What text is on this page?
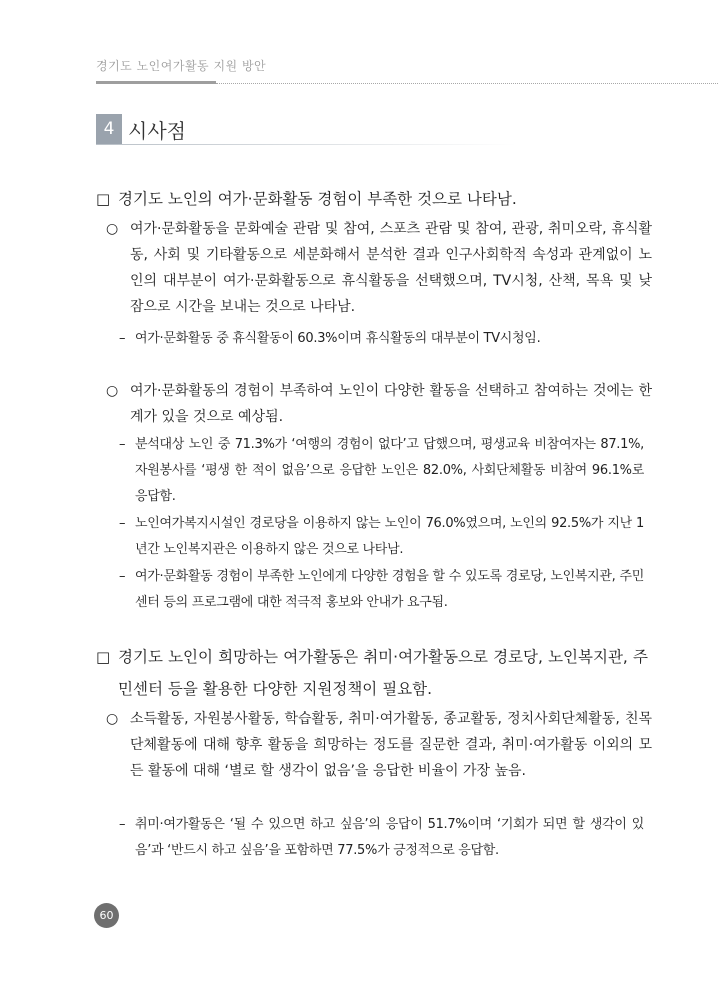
경기도 노인여가활동 지원 방안
4 시사점
□ 경기도 노인의 여가·문화활동 경험이 부족한 것으로 나타남.
○ 여가·문화활동을 문화예술 관람 및 참여, 스포츠 관람 및 참여, 관광, 취미오락, 휴식활동, 사회 및 기타활동으로 세분화해서 분석한 결과 인구사회학적 속성과 관계없이 노인의 대부분이 여가·문화활동으로 휴식활동을 선택했으며, TV시청, 산책, 목욕 및 낮잠으로 시간을 보내는 것으로 나타남.
– 여가·문화활동 중 휴식활동이 60.3%이며 휴식활동의 대부분이 TV시청임.
○ 여가·문화활동의 경험이 부족하여 노인이 다양한 활동을 선택하고 참여하는 것에는 한계가 있을 것으로 예상됨.
– 분석대상 노인 중 71.3%가 ‘여행의 경험이 없다’고 답했으며, 평생교육 비참여자는 87.1%, 자원봉사를 ‘평생 한 적이 없음’으로 응답한 노인은 82.0%, 사회단체활동 비참여 96.1%로 응답함.
– 노인여가복지시설인 경로당을 이용하지 않는 노인이 76.0%였으며, 노인의 92.5%가 지난 1년간 노인복지관은 이용하지 않은 것으로 나타남.
– 여가·문화활동 경험이 부족한 노인에게 다양한 경험을 할 수 있도록 경로당, 노인복지관, 주민센터 등의 프로그램에 대한 적극적 홍보와 안내가 요구됨.
□ 경기도 노인이 희망하는 여가활동은 취미·여가활동으로 경로당, 노인복지관, 주민센터 등을 활용한 다양한 지원정책이 필요함.
○ 소득활동, 자원봉사활동, 학습활동, 취미·여가활동, 종교활동, 정치사회단체활동, 친목단체활동에 대해 향후 활동을 희망하는 정도를 질문한 결과, 취미·여가활동 이외의 모든 활동에 대해 ‘별로 할 생각이 없음’을 응답한 비율이 가장 높음.
– 취미·여가활동은 ‘될 수 있으면 하고 싶음’의 응답이 51.7%이며 ‘기회가 되면 할 생각이 있음’과 ‘반드시 하고 싶음’을 포함하면 77.5%가 긍정적으로 응답함.
60
